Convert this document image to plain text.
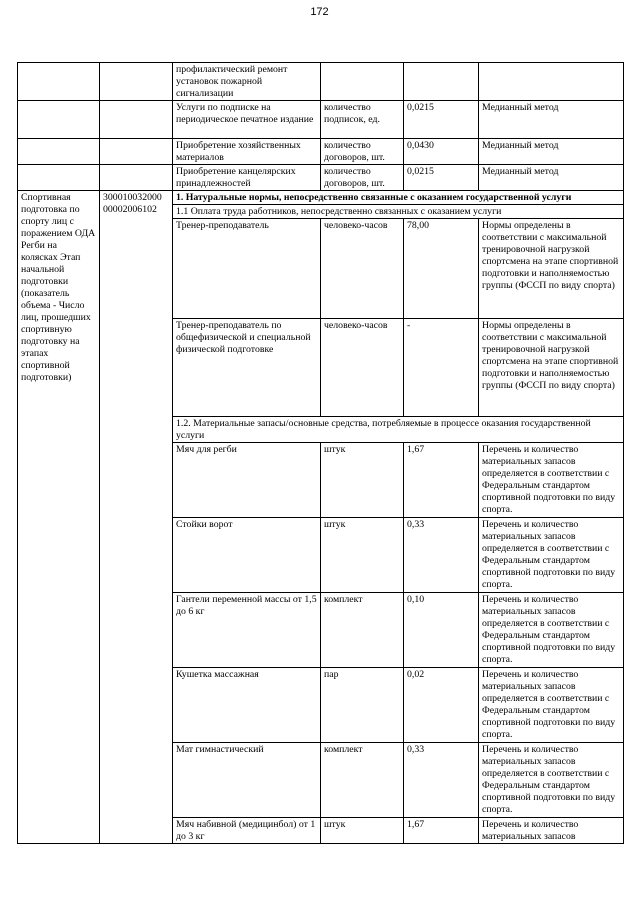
172
		профилактический ремонт установок пожарной сигнализации			
		Услуги по подписке на периодическое печатное издание	количество подписок, ед.	0,0215	Медианный метод
		Приобретение хозяйственных материалов	количество договоров, шт.	0,0430	Медианный метод
		Приобретение канцелярских принадлежностей	количество договоров, шт.	0,0215	Медианный метод
Спортивная подготовка по спорту лиц с поражением ОДА Регби на колясках Этап начальной подготовки (показатель объема - Число лиц, прошедших спортивную подготовку на этапах спортивной подготовки)	300010032000 00002006102	1. Натуральные нормы, непосредственно связанные с оказанием государственной услуги			
		1.1 Оплата труда работников, непосредственно связанных с оказанием услуги			
		Тренер-преподаватель	человеко-часов	78,00	Нормы определены в соответствии с максимальной тренировочной нагрузкой спортсмена на этапе спортивной подготовки и наполняемостью группы (ФССП по виду спорта)
		Тренер-преподаватель по общефизической и специальной физической подготовке	человеко-часов	-	Нормы определены в соответствии с максимальной тренировочной нагрузкой спортсмена на этапе спортивной подготовки и наполняемостью группы (ФССП по виду спорта)
		1.2. Материальные запасы/основные средства, потребляемые в процессе оказания государственной услуги			
		Мяч для регби	штук	1,67	Перечень и количество материальных запасов определяется в соответствии с Федеральным стандартом спортивной подготовки по виду спорта.
		Стойки ворот	штук	0,33	Перечень и количество материальных запасов определяется в соответствии с Федеральным стандартом спортивной подготовки по виду спорта.
		Гантели переменной массы от 1,5 до 6 кг	комплект	0,10	Перечень и количество материальных запасов определяется в соответствии с Федеральным стандартом спортивной подготовки по виду спорта.
		Кушетка массажная	пар	0,02	Перечень и количество материальных запасов определяется в соответствии с Федеральным стандартом спортивной подготовки по виду спорта.
		Мат гимнастический	комплект	0,33	Перечень и количество материальных запасов определяется в соответствии с Федеральным стандартом спортивной подготовки по виду спорта.
		Мяч набивной (медицинбол) от 1 до 3 кг	штук	1,67	Перечень и количество материальных запасов
